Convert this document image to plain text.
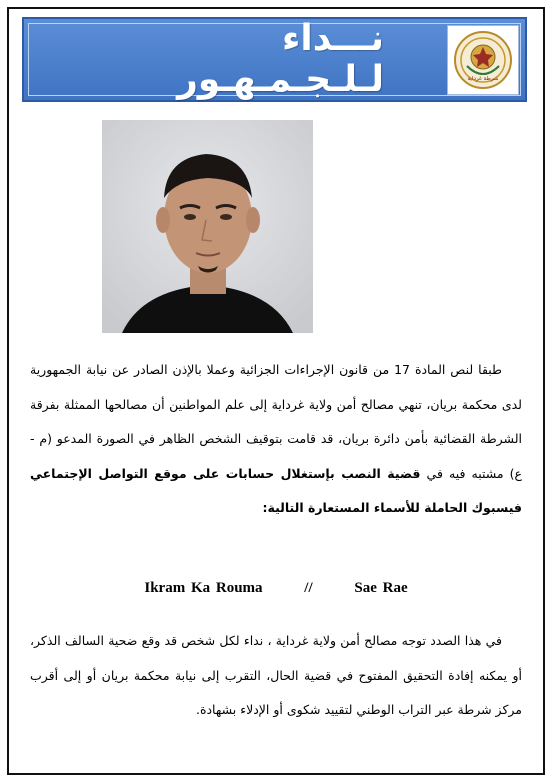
نـــداء لـلـجـمـهـور	شرطة غرداية

طبقا لنص المادة 17 من قانون الإجراءات الجزائية وعملا بالإذن الصادر عن نيابة الجمهورية لدى محكمة بريان، تنهي مصالح أمن ولاية غرداية إلى علم المواطنين أن مصالحها الممثلة بفرقة الشرطة القضائية بأمن دائرة بريان، قد قامت بتوقيف الشخص الظاهر في الصورة المدعو (م - ع) مشتبه فيه في قضية النصب بإستغلال حسابات على موقع التواصل الإجتماعي فيسبوك الحاملة للأسماء المستعارة التالية:

Ikram Ka Rouma	//	Sae Rae

في هذا الصدد توجه مصالح أمن ولاية غرداية ، نداء لكل شخص قد وقع ضحية السالف الذكر، أو يمكنه إفادة التحقيق المفتوح في قضية الحال، التقرب إلى نيابة محكمة بريان أو إلى أقرب مركز شرطة عبر التراب الوطني لتقييد شكوى أو الإدلاء بشهادة.
